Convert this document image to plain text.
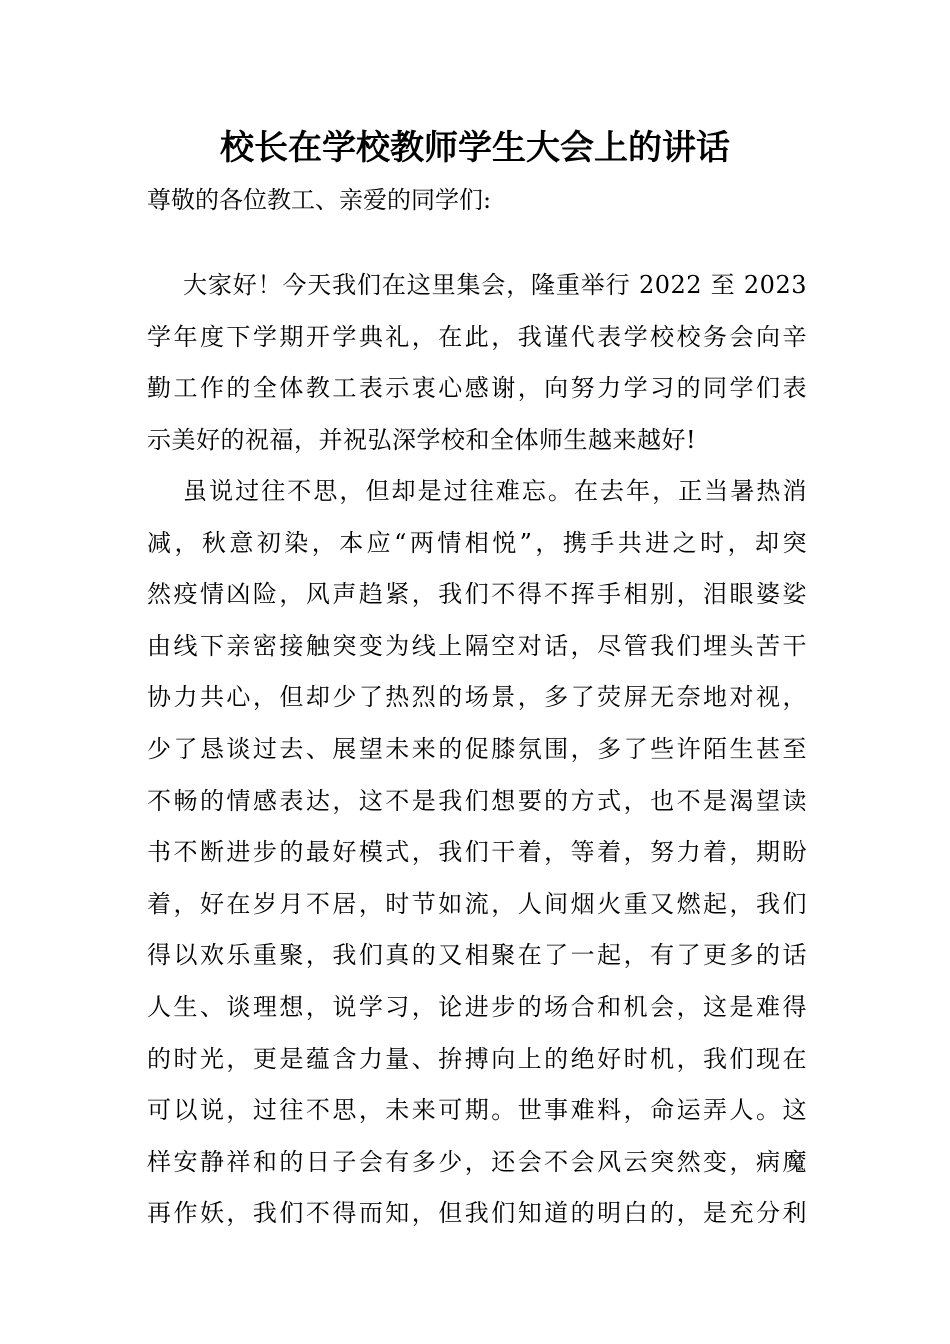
校长在学校教师学生大会上的讲话

尊敬的各位教工、亲爱的同学们:

大家好！今天我们在这里集会，隆重举行 2022 至 2023
学年度下学期开学典礼，在此，我谨代表学校校务会向辛
勤工作的全体教工表示衷心感谢，向努力学习的同学们表
示美好的祝福，并祝弘深学校和全体师生越来越好!
虽说过往不思，但却是过往难忘。在去年，正当暑热消
减，秋意初染，本应“两情相悦”，携手共进之时，却突
然疫情凶险，风声趋紧，我们不得不挥手相别，泪眼婆娑
由线下亲密接触突变为线上隔空对话，尽管我们埋头苦干
协力共心，但却少了热烈的场景，多了荧屏无奈地对视，
少了恳谈过去、展望未来的促膝氛围，多了些许陌生甚至
不畅的情感表达，这不是我们想要的方式，也不是渴望读
书不断进步的最好模式，我们干着，等着，努力着，期盼
着，好在岁月不居，时节如流，人间烟火重又燃起，我们
得以欢乐重聚，我们真的又相聚在了一起，有了更多的话
人生、谈理想，说学习，论进步的场合和机会，这是难得
的时光，更是蕴含力量、拚搏向上的绝好时机，我们现在
可以说，过往不思，未来可期。世事难料，命运弄人。这
样安静祥和的日子会有多少，还会不会风云突然变，病魔
再作妖，我们不得而知，但我们知道的明白的，是充分利
